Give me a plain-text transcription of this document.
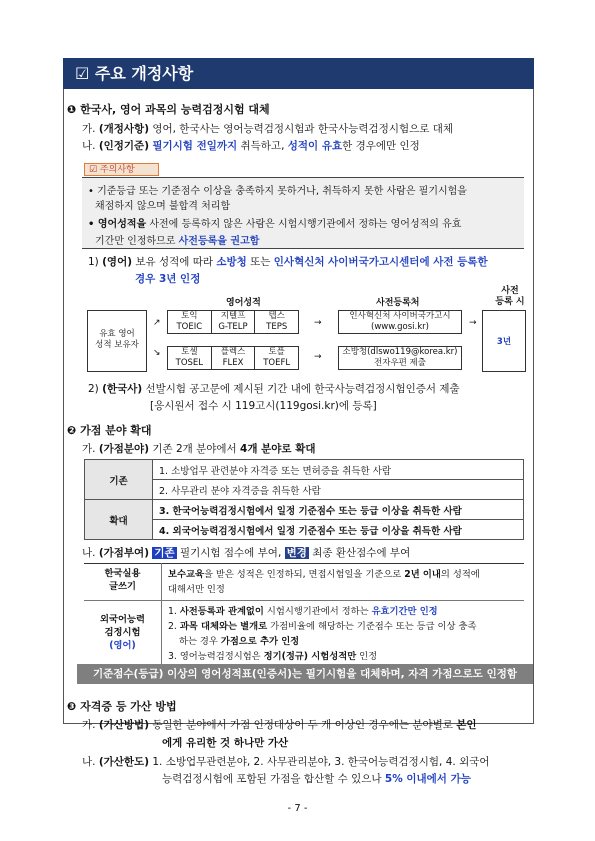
☑ 주요 개정사항
❶ 한국사, 영어 과목의 능력검정시험 대체
가. (개정사항) 영어, 한국사는 영어능력검정시험과 한국사능력검정시험으로 대체
나. (인정기준) 필기시험 전일까지 취득하고, 성적이 유효한 경우에만 인정
☑ 주의사항
• 기준등급 또는 기준점수 이상을 충족하지 못하거나, 취득하지 못한 사람은 필기시험을
채점하지 않으며 불합격 처리함
• 영어성적을 사전에 등록하지 않은 사람은 시험시행기관에서 정하는 영어성적의 유효
기간만 인정하므로 사전등록을 권고함
1) (영어) 보유 성적에 따라 소방청 또는 인사혁신처 사이버국가고시센터에 사전 등록한
경우 3년 인정
영어성적	사전등록처
사전
등록 시
유효 영어
성적 보유자
↗
↘
토익
TOEIC
지텔프
G-TELP
텝스
TEPS
토셀
TOSEL
플렉스
FLEX
토플
TOEFL
→
→
인사혁신처 사이버국가고시
(www.gosi.kr)
소방청(dlswo119@korea.kr)
전자우편 제출
→
3년
2) (한국사) 선발시험 공고문에 제시된 기간 내에 한국사능력검정시험인증서 제출
[응시원서 접수 시 119고시(119gosi.kr)에 등록]
❷ 가점 분야 확대
가. (가점분야) 기존 2개 분야에서 4개 분야로 확대
기존	1. 소방업무 관련분야 자격증 또는 면허증을 취득한 사람
	2. 사무관리 분야 자격증을 취득한 사람
확대	3. 한국어능력검정시험에서 일정 기준점수 또는 등급 이상을 취득한 사람
	4. 외국어능력검정시험에서 일정 기준점수 또는 등급 이상을 취득한 사람
나. (가점부여) 기존 필기시험 점수에 부여, 변경 최종 환산점수에 부여
한국실용
글쓰기	보수교육을 받은 성적은 인정하되, 면접시험일을 기준으로 2년 이내의 성적에
대해서만 인정
외국어능력
검정시험
(영어)	1. 사전등록과 관계없이 시험시행기관에서 정하는 유효기간만 인정
2. 과목 대체와는 별개로 가점비율에 해당하는 기준점수 또는 등급 이상 충족
하는 경우 가점으로 추가 인정
3. 영어능력검정시험은 정기(정규) 시험성적만 인정
기준점수(등급) 이상의 영어성적표(인증서)는 필기시험을 대체하며, 자격 가점으로도 인정함
❸ 자격증 등 가산 방법
가. (가산방법) 동일한 분야에서 가점 인정대상이 두 개 이상인 경우에는 분야별로 본인
에게 유리한 것 하나만 가산
나. (가산한도) 1. 소방업무관련분야, 2. 사무관리분야, 3. 한국어능력검정시험, 4. 외국어
능력검정시험에 포함된 가점을 합산할 수 있으나 5% 이내에서 가능
- 7 -
